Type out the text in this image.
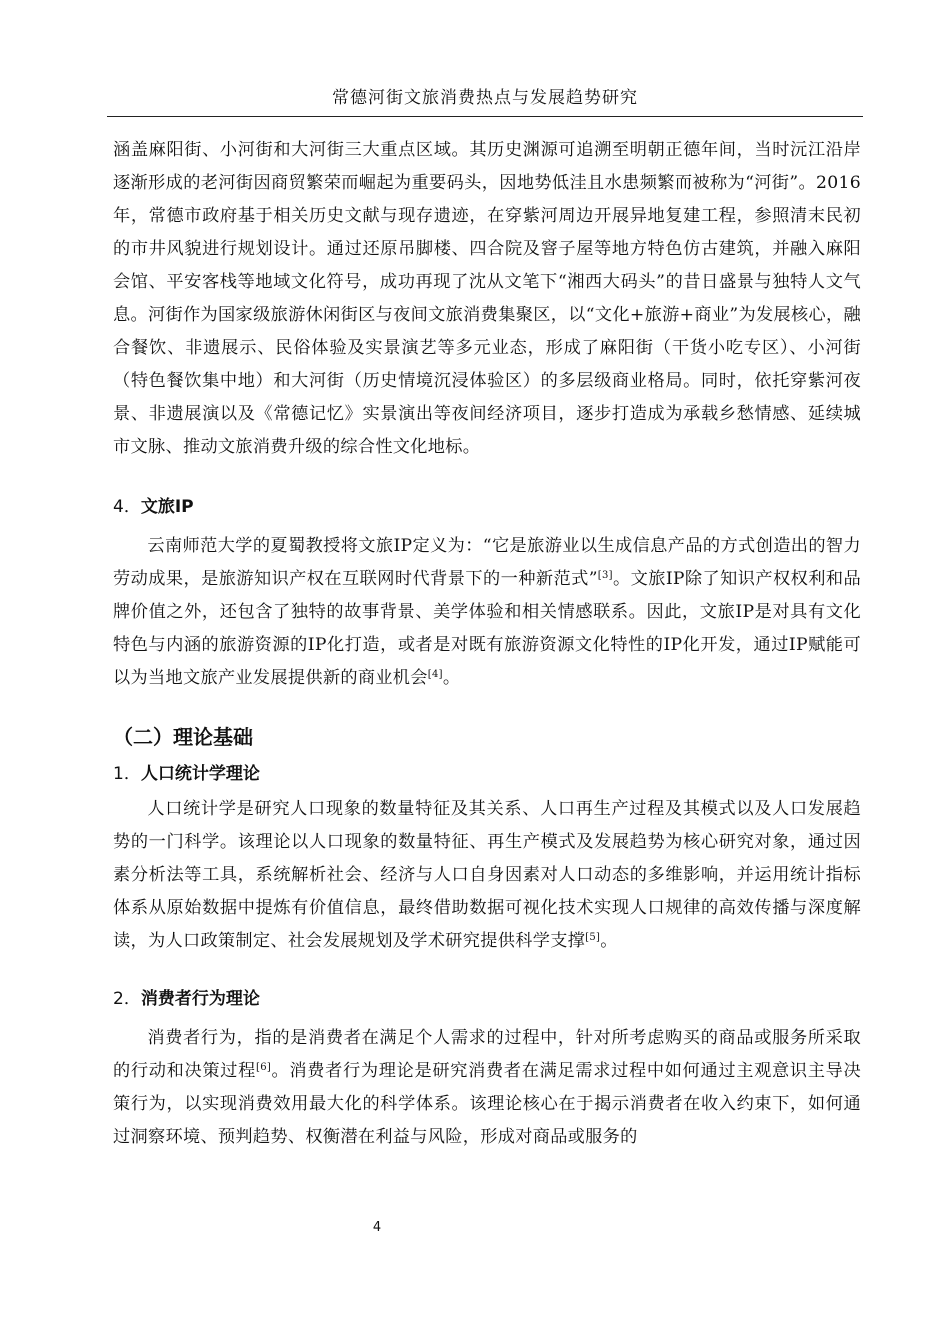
常德河街文旅消费热点与发展趋势研究

涵盖麻阳街、小河街和大河街三大重点区域。其历史渊源可追溯至明朝正德年间，当时沅江沿岸逐渐形成的老河街因商贸繁荣而崛起为重要码头，因地势低洼且水患频繁而被称为“河街”。2016年，常德市政府基于相关历史文献与现存遗迹，在穿紫河周边开展异地复建工程，参照清末民初的市井风貌进行规划设计。通过还原吊脚楼、四合院及窨子屋等地方特色仿古建筑，并融入麻阳会馆、平安客栈等地域文化符号，成功再现了沈从文笔下“湘西大码头”的昔日盛景与独特人文气息。河街作为国家级旅游休闲街区与夜间文旅消费集聚区，以“文化+旅游+商业”为发展核心，融合餐饮、非遗展示、民俗体验及实景演艺等多元业态，形成了麻阳街（干货小吃专区）、小河街（特色餐饮集中地）和大河街（历史情境沉浸体验区）的多层级商业格局。同时，依托穿紫河夜景、非遗展演以及《常德记忆》实景演出等夜间经济项目，逐步打造成为承载乡愁情感、延续城市文脉、推动文旅消费升级的综合性文化地标。

4．文旅IP

云南师范大学的夏蜀教授将文旅IP定义为：“它是旅游业以生成信息产品的方式创造出的智力劳动成果，是旅游知识产权在互联网时代背景下的一种新范式”[3]。文旅IP除了知识产权权利和品牌价值之外，还包含了独特的故事背景、美学体验和相关情感联系。因此，文旅IP是对具有文化特色与内涵的旅游资源的IP化打造，或者是对既有旅游资源文化特性的IP化开发，通过IP赋能可以为当地文旅产业发展提供新的商业机会[4]。

（二）理论基础
1．人口统计学理论

人口统计学是研究人口现象的数量特征及其关系、人口再生产过程及其模式以及人口发展趋势的一门科学。该理论以人口现象的数量特征、再生产模式及发展趋势为核心研究对象，通过因素分析法等工具，系统解析社会、经济与人口自身因素对人口动态的多维影响，并运用统计指标体系从原始数据中提炼有价值信息，最终借助数据可视化技术实现人口规律的高效传播与深度解读，为人口政策制定、社会发展规划及学术研究提供科学支撑[5]。

2．消费者行为理论

消费者行为，指的是消费者在满足个人需求的过程中，针对所考虑购买的商品或服务所采取的行动和决策过程[6]。消费者行为理论是研究消费者在满足需求过程中如何通过主观意识主导决策行为，以实现消费效用最大化的科学体系。该理论核心在于揭示消费者在收入约束下，如何通过洞察环境、预判趋势、权衡潜在利益与风险，形成对商品或服务的

4
